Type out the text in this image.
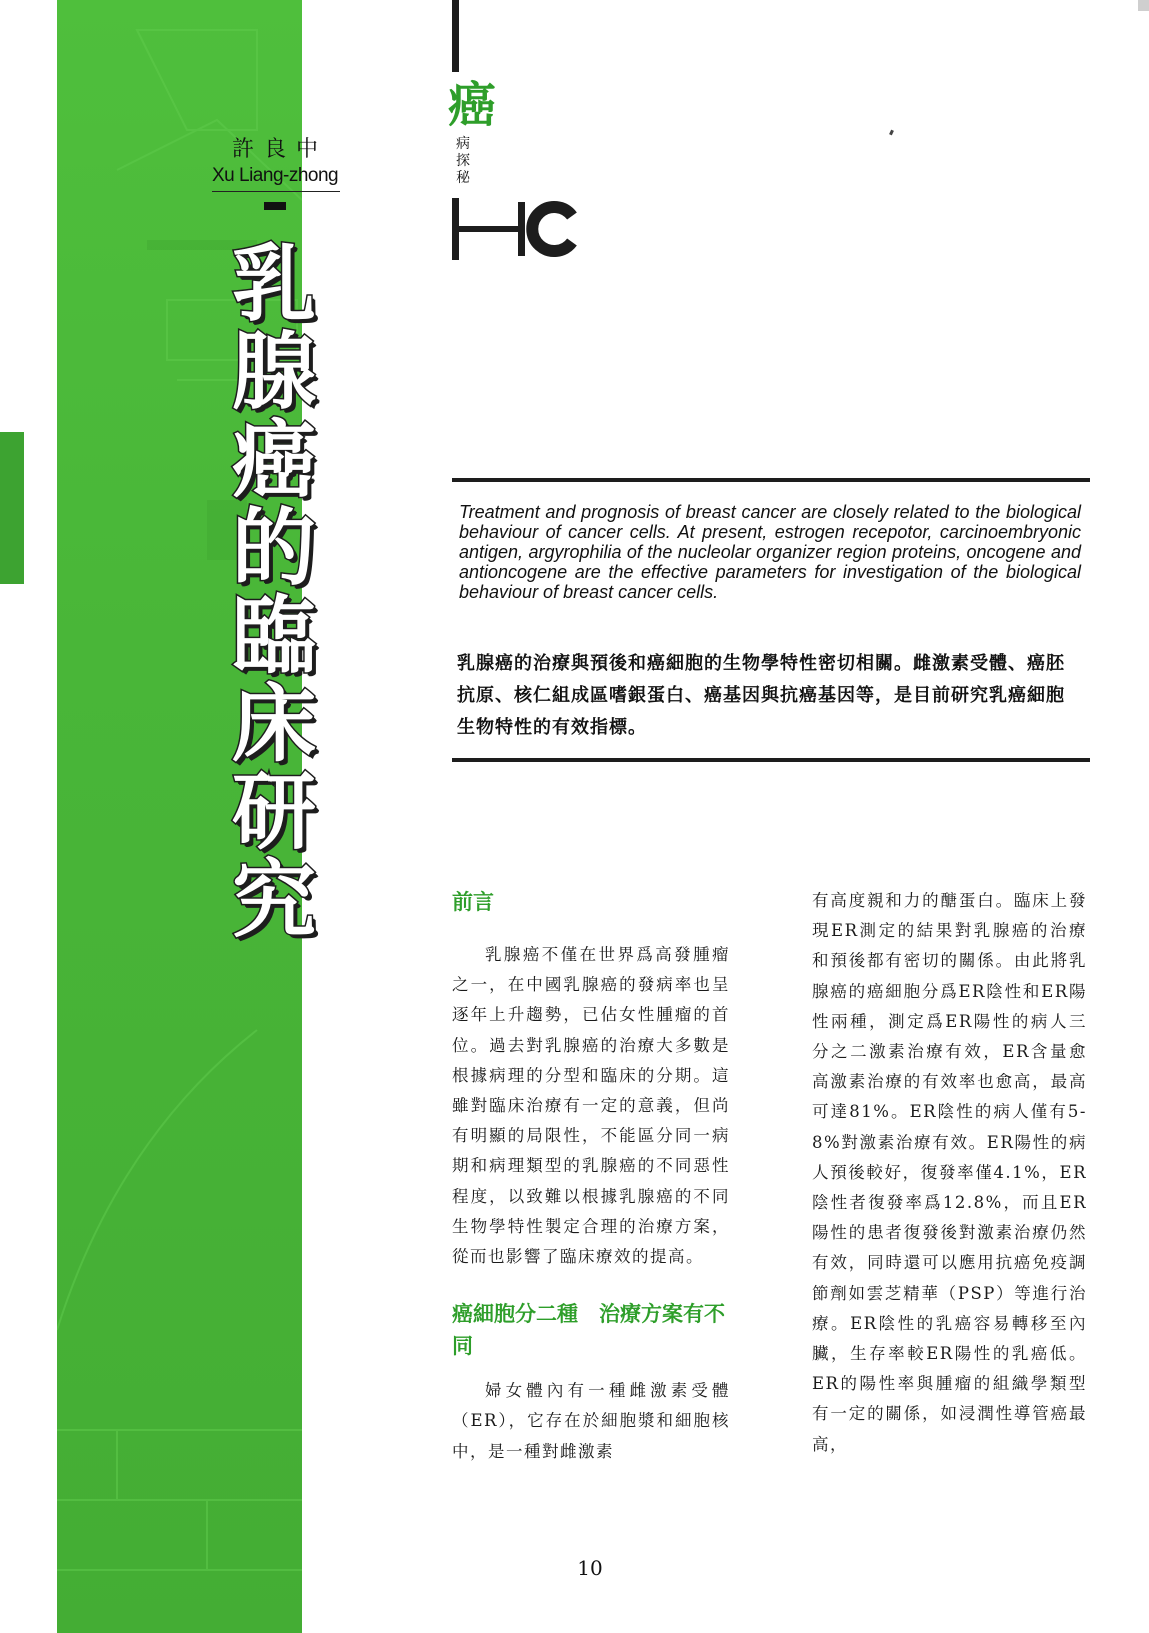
許良中
Xu Liang-zhong
乳
腺
癌
的
臨
床
研
究
癌
病
探
秘
Treatment and prognosis of breast cancer are closely related to the biological behaviour of cancer cells. At present, estrogen recepotor, carcinoembryonic antigen, argyrophilia of the nucleolar organizer region proteins, oncogene and antioncogene are the effective parameters for investigation of the biological behaviour of breast cancer cells.
乳腺癌的治療與預後和癌細胞的生物學特性密切相關。雌激素受體、癌胚抗原、核仁組成區嗜銀蛋白、癌基因與抗癌基因等，是目前研究乳癌細胞生物特性的有效指標。
前言
乳腺癌不僅在世界爲高發腫瘤之一，在中國乳腺癌的發病率也呈逐年上升趨勢，已佔女性腫瘤的首位。過去對乳腺癌的治療大多數是根據病理的分型和臨床的分期。這雖對臨床治療有一定的意義，但尚有明顯的局限性，不能區分同一病期和病理類型的乳腺癌的不同惡性程度，以致難以根據乳腺癌的不同生物學特性製定合理的治療方案，從而也影響了臨床療效的提高。
癌細胞分二種　治療方案有不同
婦女體內有一種雌激素受體（ER），它存在於細胞漿和細胞核中，是一種對雌激素
有高度親和力的醣蛋白。臨床上發現ER測定的結果對乳腺癌的治療和預後都有密切的關係。由此將乳腺癌的癌細胞分爲ER陰性和ER陽性兩種，測定爲ER陽性的病人三分之二激素治療有效，ER含量愈高激素治療的有效率也愈高，最高可達81%。ER陰性的病人僅有5-8%對激素治療有效。ER陽性的病人預後較好，復發率僅4.1%，ER陰性者復發率爲12.8%，而且ER陽性的患者復發後對激素治療仍然有效，同時還可以應用抗癌免疫調節劑如雲芝精華（PSP）等進行治療。ER陰性的乳癌容易轉移至內臟，生存率較ER陽性的乳癌低。ER的陽性率與腫瘤的組織學類型有一定的關係，如浸潤性導管癌最高，
10
